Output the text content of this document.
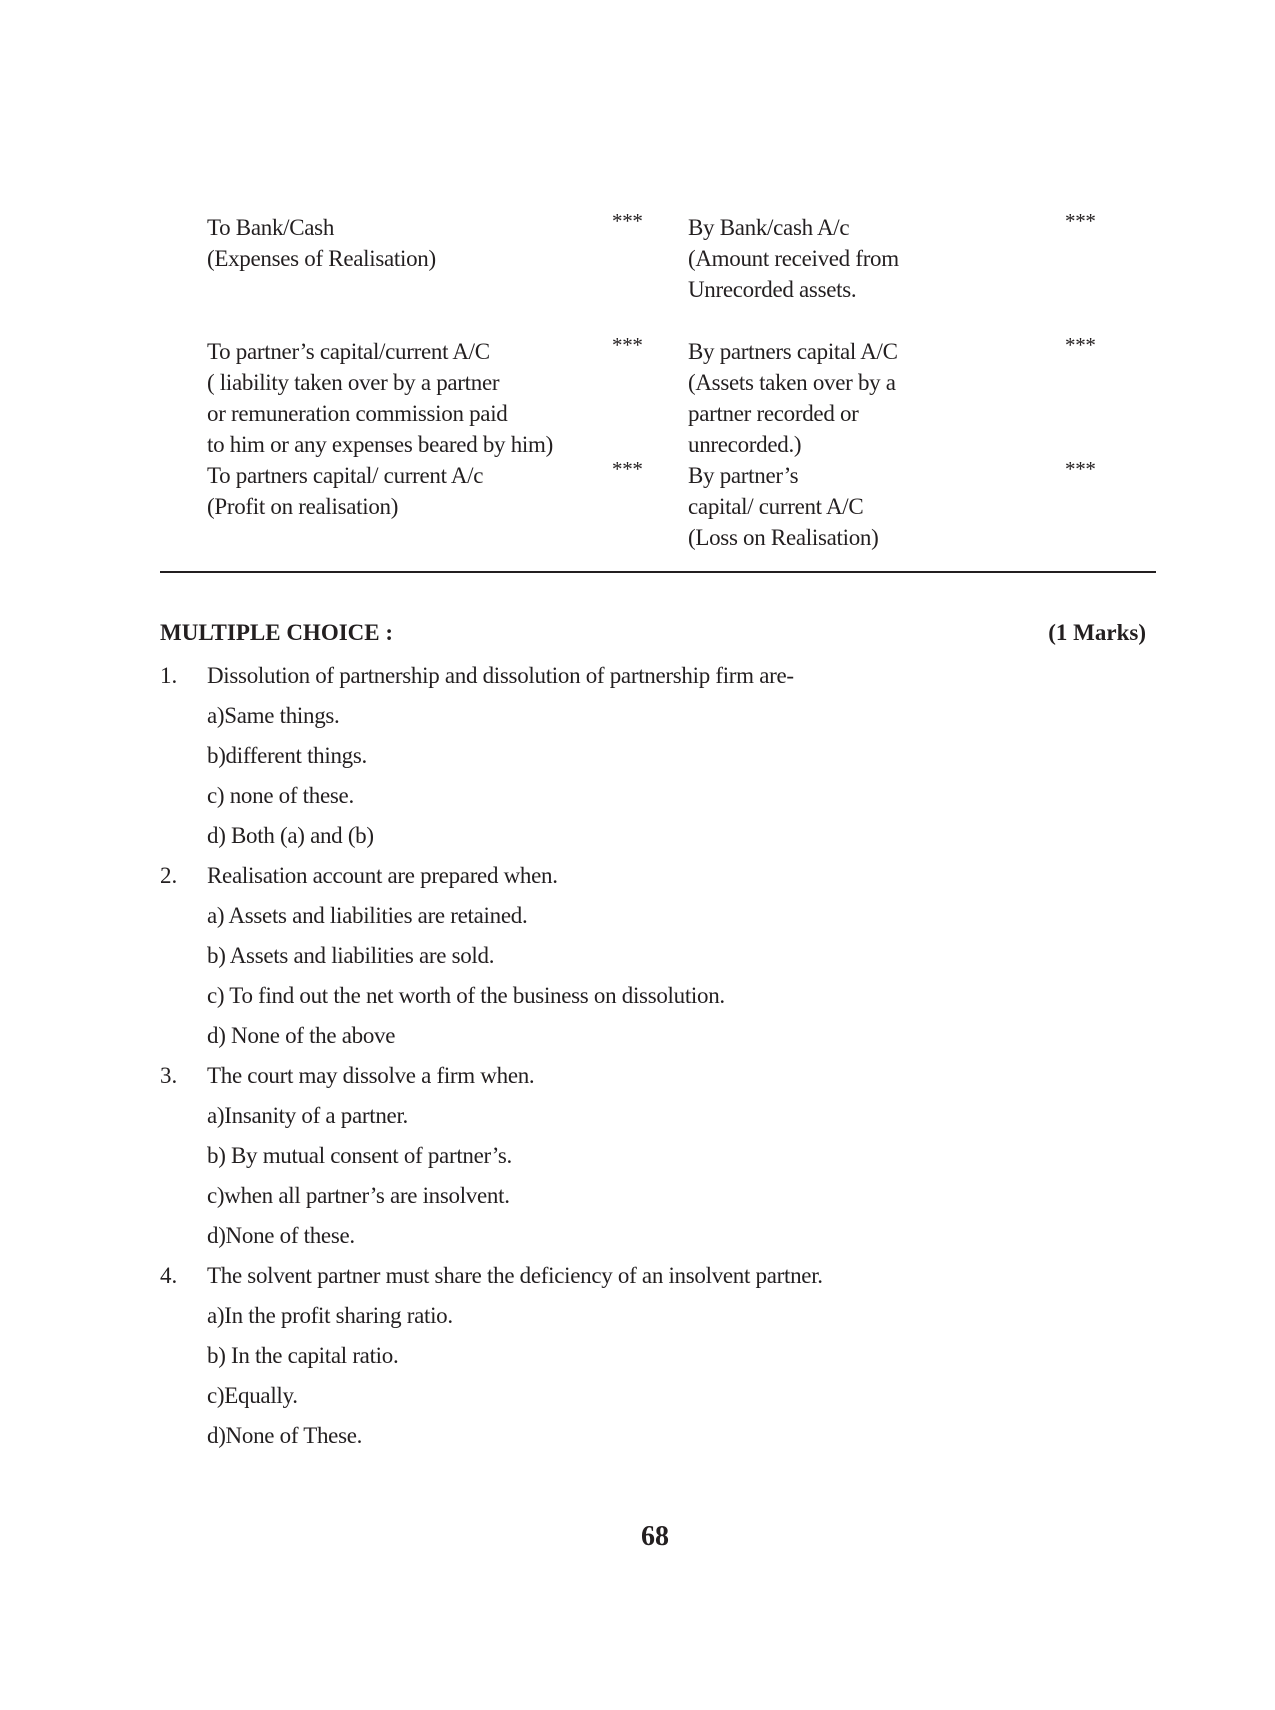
To Bank/Cash
(Expenses of Realisation)
*** By Bank/cash A/c
(Amount received from
Unrecorded assets.
***
To partner’s capital/current A/C
( liability taken over by a partner
or remuneration commission paid
to him or any expenses beared by him)
*** By partners capital A/C
(Assets taken over by a
partner recorded or
unrecorded.)
***
To partners capital/ current A/c
(Profit on realisation)
*** By partner’s
capital/ current A/C
(Loss on Realisation)
***
MULTIPLE CHOICE :	(1 Marks)
1. Dissolution of partnership and dissolution of partnership firm are-
a)Same things.
b)different things.
c) none of these.
d) Both (a) and (b)
2. Realisation account are prepared when.
a) Assets and liabilities are retained.
b) Assets and liabilities are sold.
c) To find out the net worth of the business on dissolution.
d) None of the above
3. The court may dissolve a firm when.
a)Insanity of a partner.
b) By mutual consent of partner’s.
c)when all partner’s are insolvent.
d)None of these.
4. The solvent partner must share the deficiency of an insolvent partner.
a)In the profit sharing ratio.
b) In the capital ratio.
c)Equally.
d)None of These.
68
